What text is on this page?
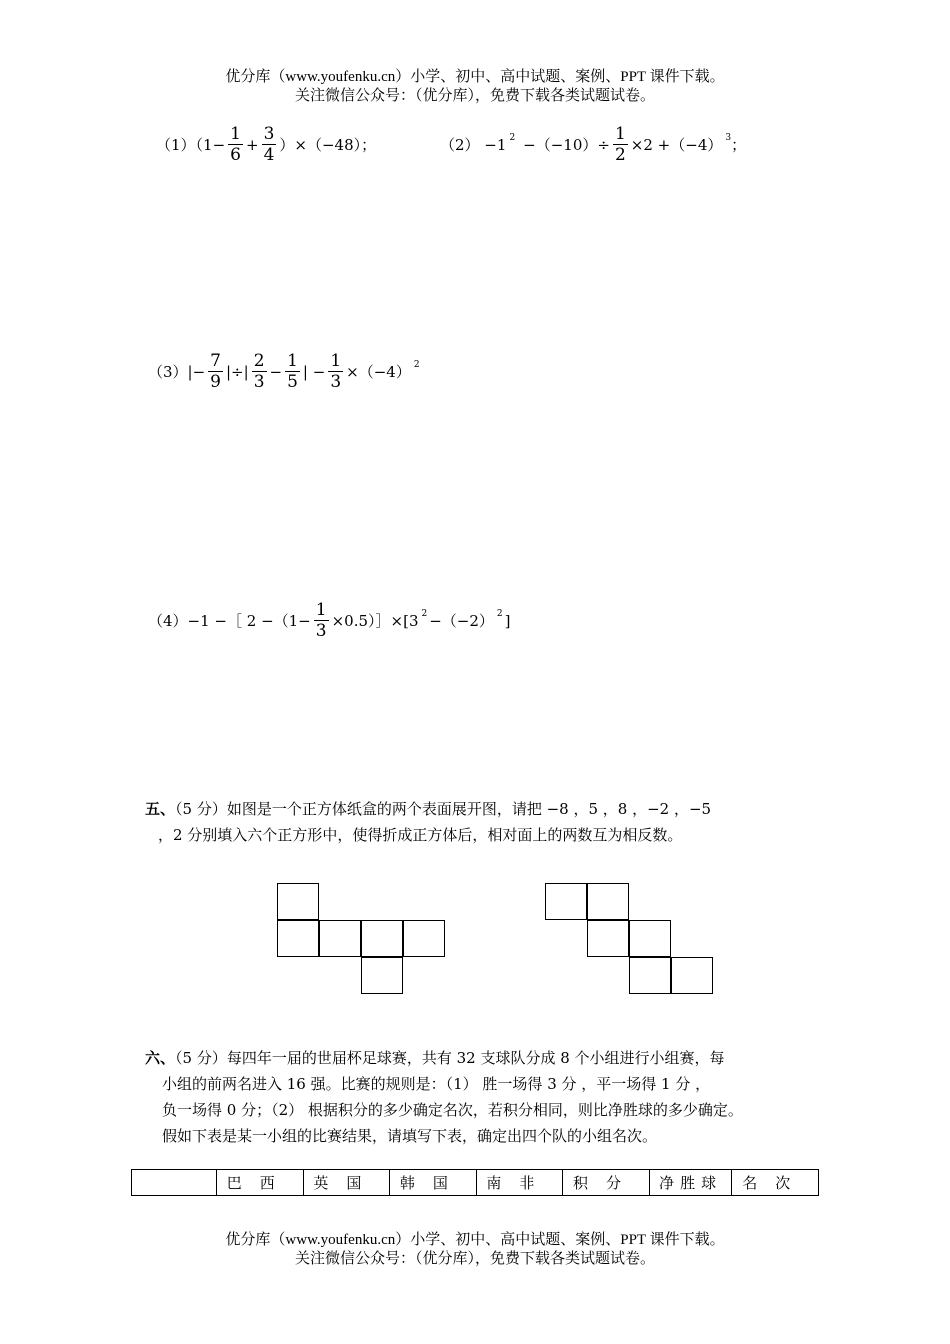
优分库（www.youfenku.cn）小学、初中、高中试题、案例、PPT 课件下载。
关注微信公众号：（优分库），免费下载各类试题试卷。
$(1)(1- \frac{1}{6} + \frac{3}{4} )\times(-48)$；	（2） −1 $2 -(-10)\div \frac{1}{2} \times 2 +(-4)$ 3 ；
$(3)|- \frac{7}{9}$ |÷| $\frac{2}{3} - \frac{1}{5}$ | − $\frac{1}{3} \times(-4)$ 2
（4）−1 −［ $2 -(1- \frac{1}{3}$ ×0.5）］×[3 2 −（−2） 2 ]
五、（5 分）如图是一个正方体纸盒的两个表面展开图，请把 −8 ，5 ，8 ，−2 ，−5
，2 分别填入六个正方形中，使得折成正方体后，相对面上的两数互为相反数。
六、（5 分）每四年一届的世届杯足球赛，共有 32 支球队分成 8 个小组进行小组赛，每
小组的前两名进入 16 强。比赛的规则是：（1） 胜一场得 3 分 ，平一场得 1 分 ，
负一场得 0 分；（2） 根据积分的多少确定名次，若积分相同，则比净胜球的多少确定。
假如下表是某一小组的比赛结果，请填写下表，确定出四个队的小组名次。
	巴西	英国	韩国	南非	积分	净胜球	名次
优分库（www.youfenku.cn）小学、初中、高中试题、案例、PPT 课件下载。
关注微信公众号：（优分库），免费下载各类试题试卷。
